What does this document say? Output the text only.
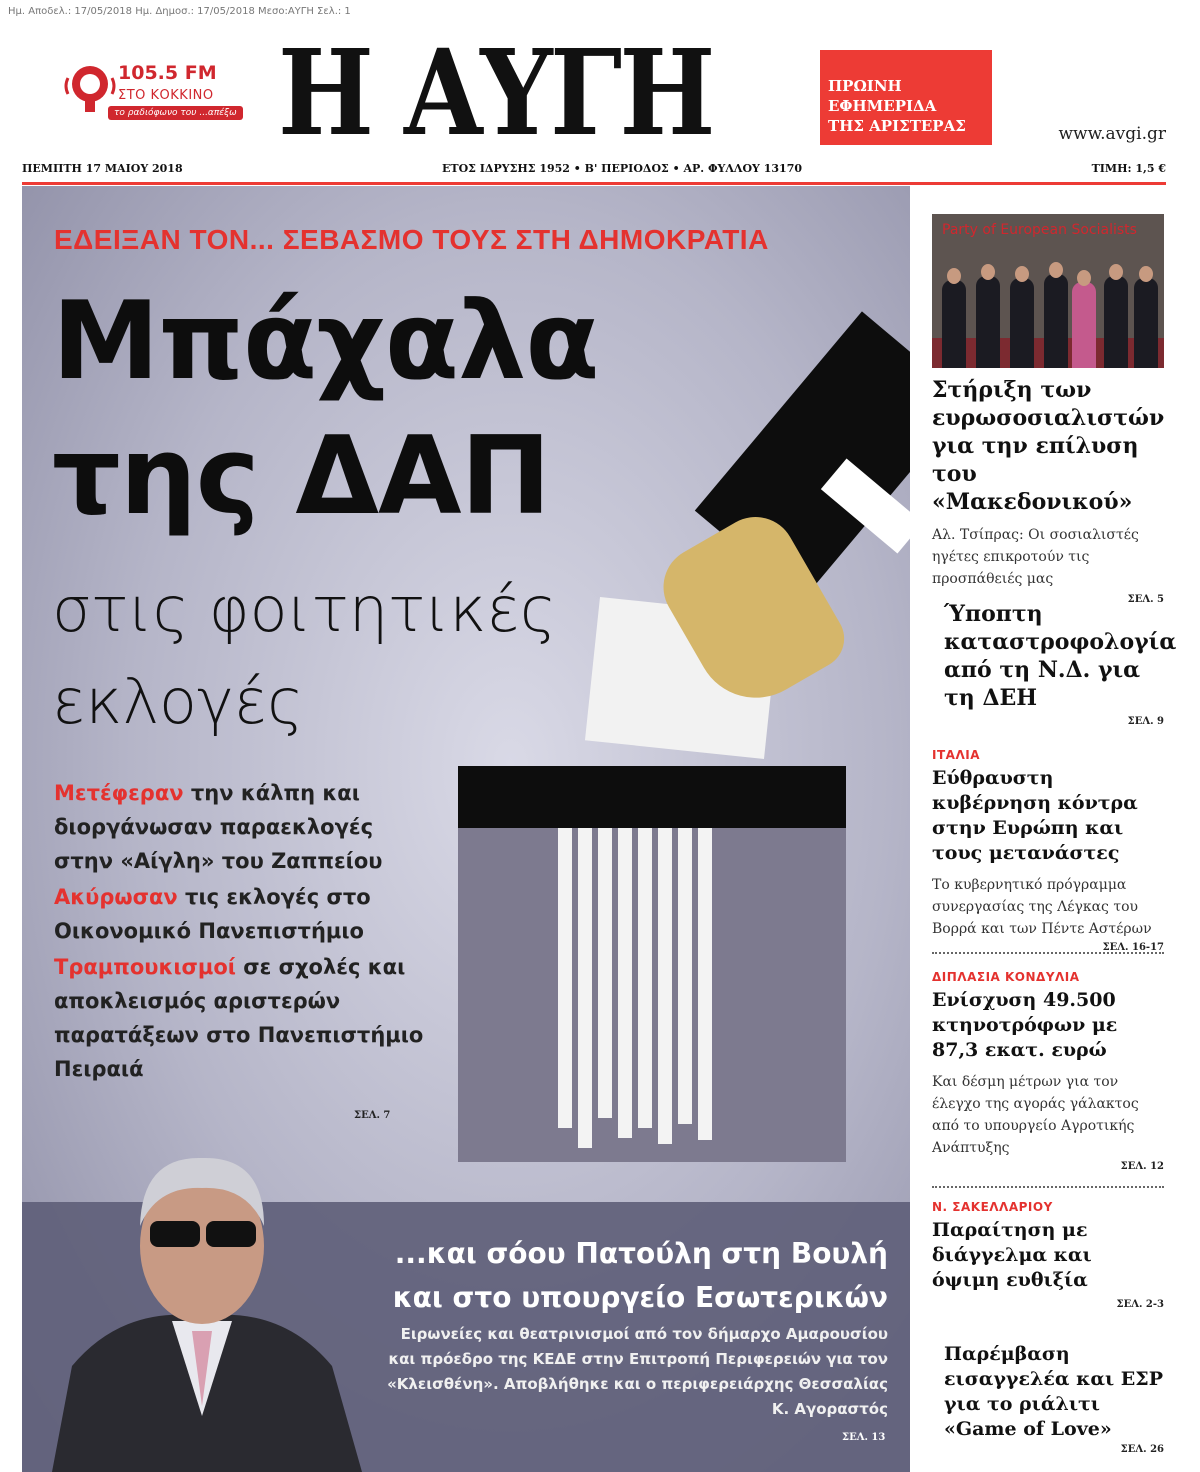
Ημ. Αποδελ.: 17/05/2018 Ημ. Δημοσ.: 17/05/2018 Μεσο:ΑΥΓΗ Σελ.: 1
105.5 FM
ΣΤΟ ΚΟΚΚΙΝΟ
το ραδιόφωνο του ...απέξω Η ΑΥΓΗ	ΠΡΩΙΝΗ
ΕΦΗΜΕΡΙΔΑ
ΤΗΣ ΑΡΙΣΤΕΡΑΣ	www.avgi.gr
ΠΕΜΠΤΗ 17 ΜΑΙΟΥ 2018	ΕΤΟΣ ΙΔΡΥΣΗΣ 1952 • Β' ΠΕΡΙΟΔΟΣ • ΑΡ. ΦΥΛΛΟΥ 13170	ΤΙΜΗ: 1,5 €
ΕΔΕΙΞΑΝ ΤΟΝ... ΣΕΒΑΣΜΟ ΤΟΥΣ ΣΤΗ ΔΗΜΟΚΡΑΤΙΑ
Μπάχαλα
της ΔΑΠ
στις φοιτητικές
εκλογές

Μετέφεραν την κάλπη και διοργάνωσαν παραεκλογές στην «Αίγλη» του Ζαππείου

Ακύρωσαν τις εκλογές στο Οικονομικό Πανεπιστήμιο

Τραμπουκισμοί σε σχολές και αποκλεισμός αριστερών παρατάξεων στο Πανεπιστήμιο Πειραιά

ΣΕΛ. 7
...και σόου Πατούλη στη Βουλή
και στο υπουργείο Εσωτερικών
Ειρωνείες και θεατρινισμοί από τον δήμαρχο Αμαρουσίου και πρόεδρο της ΚΕΔΕ στην Επιτροπή Περιφερειών για τον «Κλεισθένη». Αποβλήθηκε και ο περιφερειάρχης Θεσσαλίας Κ. Αγοραστός
ΣΕΛ. 13
Party of European Socialists
Στήριξη των ευρωσοσιαλιστών για την επίλυση του «Μακεδονικού»
Αλ. Τσίπρας: Οι σοσιαλιστές ηγέτες επικροτούν τις προσπάθειές μας
ΣΕΛ. 5
Ύποπτη καταστροφολογία από τη Ν.Δ. για τη ΔΕΗ
ΣΕΛ. 9
ΙΤΑΛΙΑ
Εύθραυστη κυβέρνηση κόντρα στην Ευρώπη και τους μετανάστες
Το κυβερνητικό πρόγραμμα συνεργασίας της Λέγκας του Βορρά και των Πέντε Αστέρων
ΣΕΛ. 16-17
ΔΙΠΛΑΣΙΑ ΚΟΝΔΥΛΙΑ
Ενίσχυση 49.500 κτηνοτρόφων με 87,3 εκατ. ευρώ
Και δέσμη μέτρων για τον έλεγχο της αγοράς γάλακτος από το υπουργείο Αγροτικής Ανάπτυξης
ΣΕΛ. 12
Ν. ΣΑΚΕΛΛΑΡΙΟΥ
Παραίτηση με διάγγελμα και όψιμη ευθιξία
ΣΕΛ. 2-3
Παρέμβαση εισαγγελέα και ΕΣΡ για το ριάλιτι «Game of Love»
ΣΕΛ. 26
